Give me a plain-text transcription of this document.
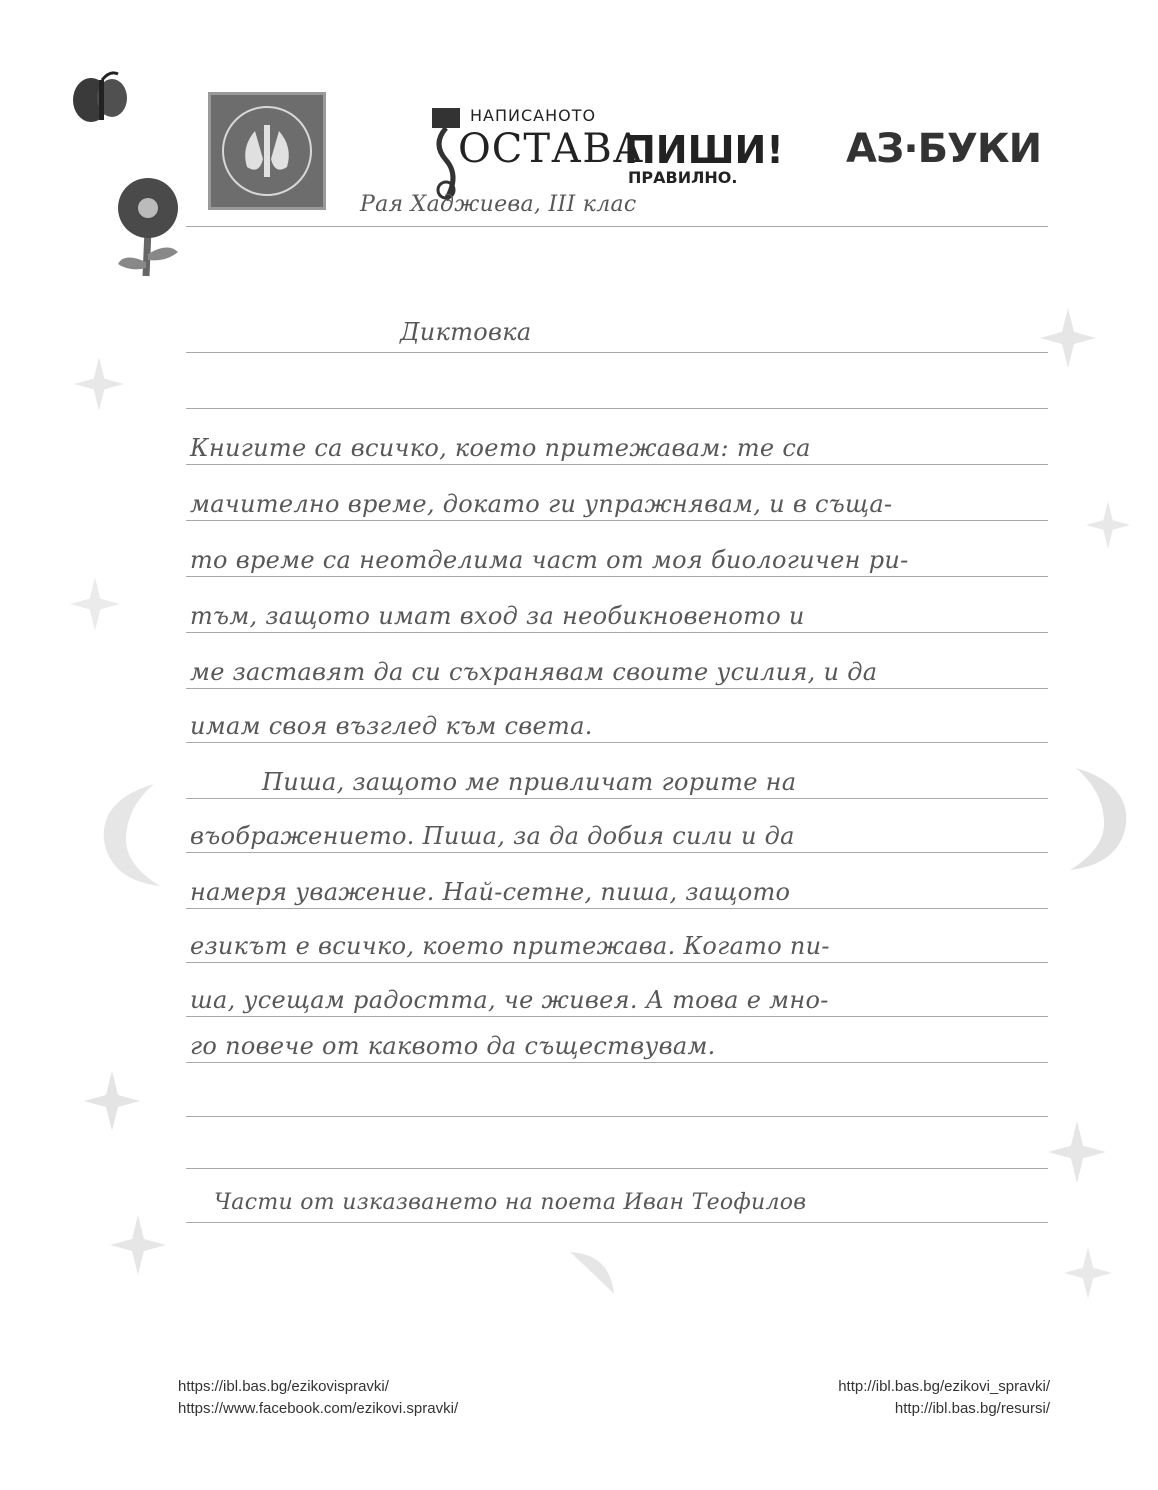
НАПИСАНОТО
ОСТАВА
ПИШИ!
ПРАВИЛНО.
АЗ·БУКИ
Рая Хаджиева, III клас
Диктовка
Книгите са всичко, което притежавам: те са
мачително време, докато ги упражнявам, и в съща-
то време са неотделима част от моя биологичен ри-
тъм, защото имат вход за необикновеното и
ме заставят да си съхранявам своите усилия, и да
имам своя възглед към света.
Пиша, защото ме привличат горите на
въображението. Пиша, за да добия сили и да
намеря уважение. Най-сетне, пиша, защото
езикът е всичко, което притежава. Когато пи-
ша, усещам радостта, че живея. А това е мно-
го повече от каквото да съществувам.
Части от изказването на поета Иван Теофилов
https://ibl.bas.bg/ezikovispravki/
https://www.facebook.com/ezikovi.spravki/
http://ibl.bas.bg/ezikovi_spravki/
http://ibl.bas.bg/resursi/
